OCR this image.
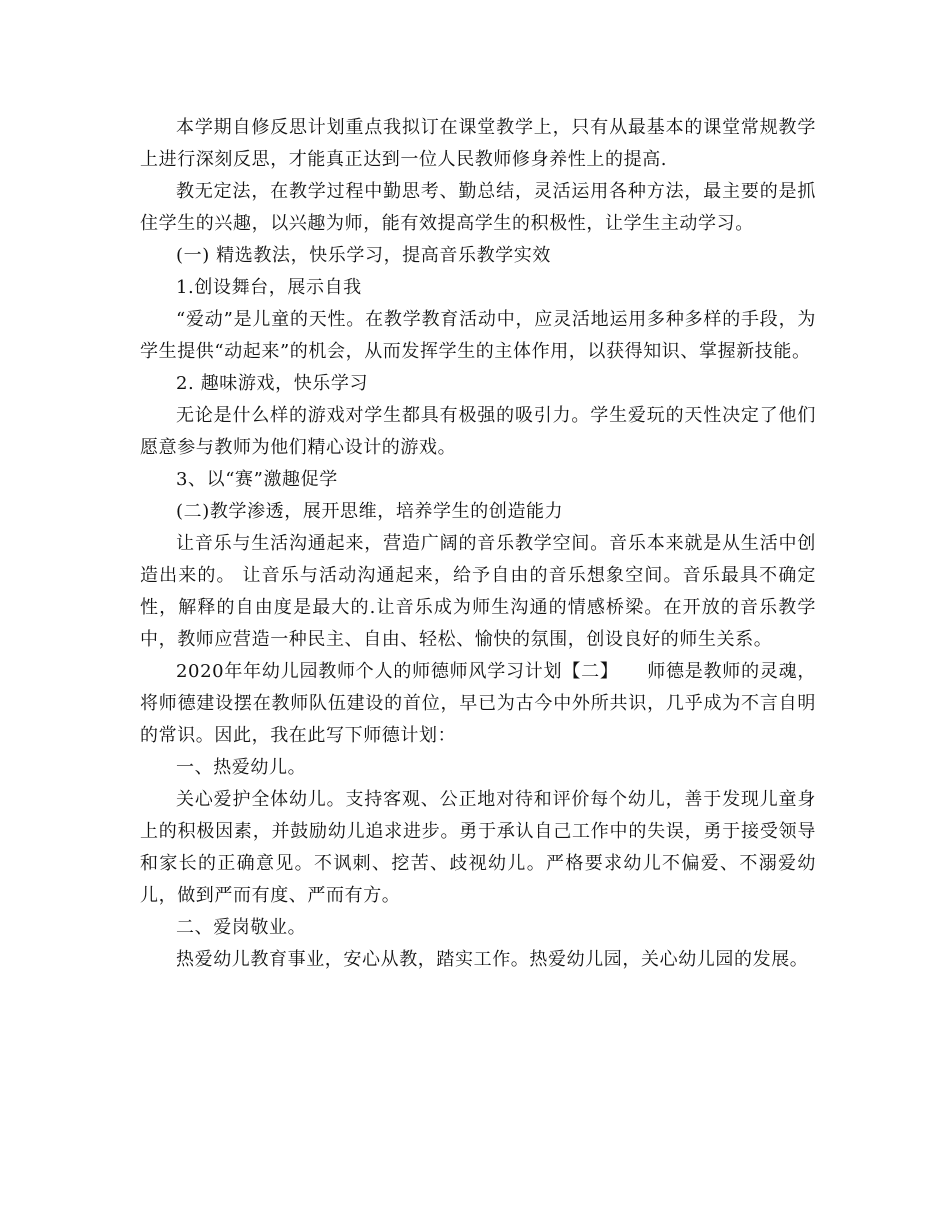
本学期自修反思计划重点我拟订在课堂教学上，只有从最基本的课堂常规教学上进行深刻反思，才能真正达到一位人民教师修身养性上的提高.

教无定法，在教学过程中勤思考、勤总结，灵活运用各种方法，最主要的是抓住学生的兴趣，以兴趣为师，能有效提高学生的积极性，让学生主动学习。

(一) 精选教法，快乐学习，提高音乐教学实效

1.创设舞台，展示自我

“爱动”是儿童的天性。在教学教育活动中，应灵活地运用多种多样的手段，为学生提供“动起来”的机会，从而发挥学生的主体作用，以获得知识、掌握新技能。

2. 趣味游戏，快乐学习

无论是什么样的游戏对学生都具有极强的吸引力。学生爱玩的天性决定了他们愿意参与教师为他们精心设计的游戏。

3、以“赛”激趣促学

(二)教学渗透，展开思维，培养学生的创造能力

让音乐与生活沟通起来，营造广阔的音乐教学空间。音乐本来就是从生活中创造出来的。 让音乐与活动沟通起来，给予自由的音乐想象空间。音乐最具不确定性，解释的自由度是最大的.让音乐成为师生沟通的情感桥梁。在开放的音乐教学中，教师应营造一种民主、自由、轻松、愉快的氛围，创设良好的师生关系。

2020年年幼儿园教师个人的师德师风学习计划【二】　　师德是教师的灵魂，将师德建设摆在教师队伍建设的首位，早已为古今中外所共识，几乎成为不言自明的常识。因此，我在此写下师德计划：

一、热爱幼儿。

关心爱护全体幼儿。支持客观、公正地对待和评价每个幼儿，善于发现儿童身上的积极因素，并鼓励幼儿追求进步。勇于承认自己工作中的失误，勇于接受领导和家长的正确意见。不讽刺、挖苦、歧视幼儿。严格要求幼儿不偏爱、不溺爱幼儿，做到严而有度、严而有方。

二、爱岗敬业。

热爱幼儿教育事业，安心从教，踏实工作。热爱幼儿园，关心幼儿园的发展。
